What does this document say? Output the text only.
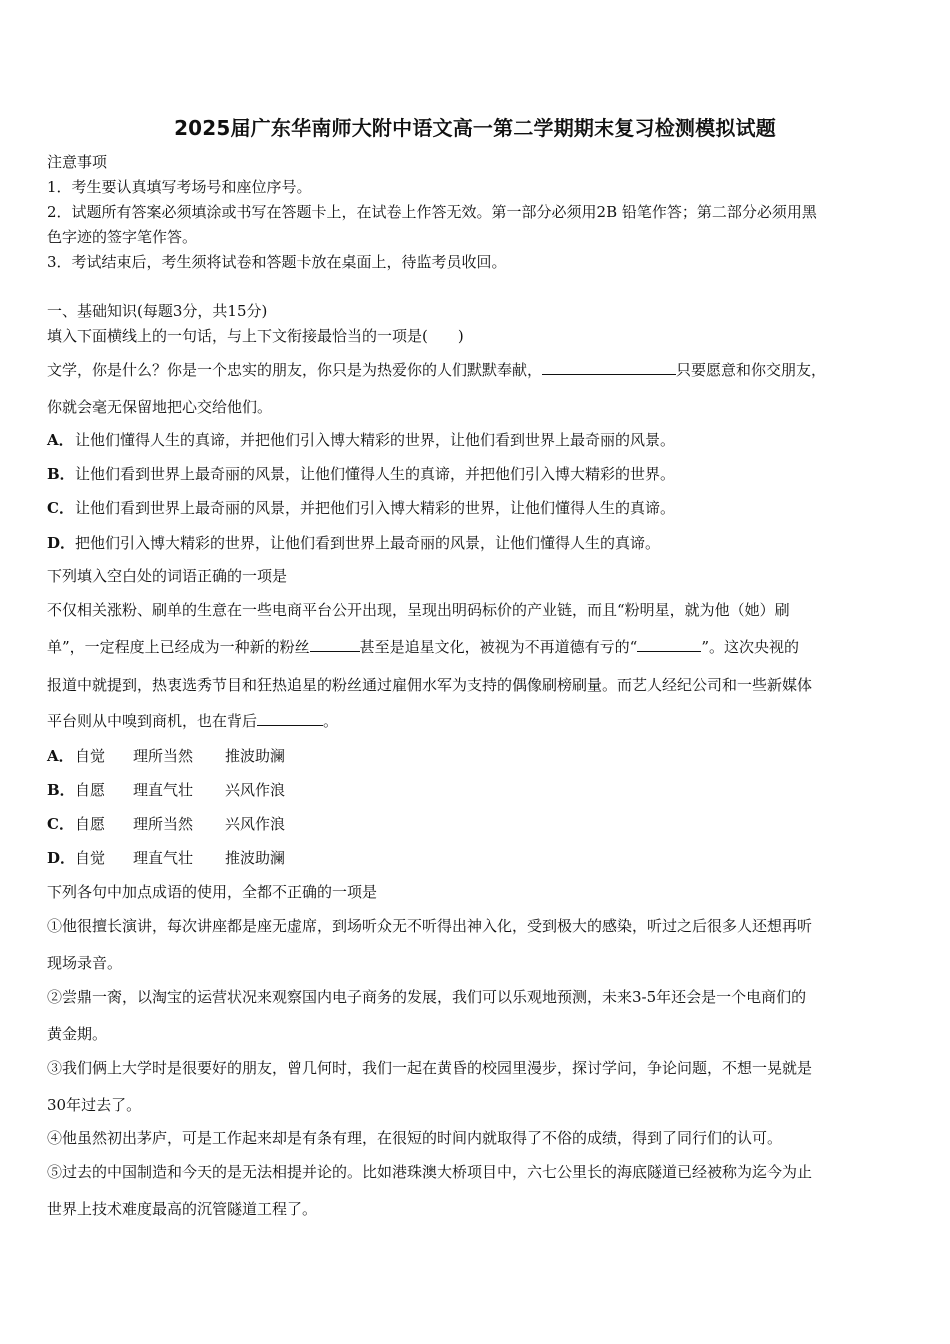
2025届广东华南师大附中语文高一第二学期期末复习检测模拟试题
注意事项
1．考生要认真填写考场号和座位序号。
2．试题所有答案必须填涂或书写在答题卡上，在试卷上作答无效。第一部分必须用2B 铅笔作答；第二部分必须用黑
色字迹的签字笔作答。
3．考试结束后，考生须将试卷和答题卡放在桌面上，待监考员收回。
一、基础知识(每题3分，共15分)
填入下面横线上的一句话，与上下文衔接最恰当的一项是(　　)
文学，你是什么？你是一个忠实的朋友，你只是为热爱你的人们默默奉献，	只要愿意和你交朋友，
你就会毫无保留地把心交给他们。
A．让他们懂得人生的真谛，并把他们引入博大精彩的世界，让他们看到世界上最奇丽的风景。
B．让他们看到世界上最奇丽的风景，让他们懂得人生的真谛，并把他们引入博大精彩的世界。
C．让他们看到世界上最奇丽的风景，并把他们引入博大精彩的世界，让他们懂得人生的真谛。
D．把他们引入博大精彩的世界，让他们看到世界上最奇丽的风景，让他们懂得人生的真谛。
下列填入空白处的词语正确的一项是
不仅相关涨粉、刷单的生意在一些电商平台公开出现，呈现出明码标价的产业链，而且“粉明星，就为他（她）刷
单”，一定程度上已经成为一种新的粉丝	甚至是追星文化，被视为不再道德有亏的“	”。这次央视的
报道中就提到，热衷选秀节目和狂热追星的粉丝通过雇佣水军为支持的偶像刷榜刷量。而艺人经纪公司和一些新媒体
平台则从中嗅到商机，也在背后	。
A．自觉 理所当然 推波助澜
B．自愿 理直气壮 兴风作浪
C．自愿 理所当然 兴风作浪
D．自觉 理直气壮 推波助澜
下列各句中加点成语的使用，全都不正确的一项是
①他很擅长演讲，每次讲座都是座无虚席，到场听众无不听得出神入化，受到极大的感染，听过之后很多人还想再听
现场录音。
②尝鼎一脔，以淘宝的运营状况来观察国内电子商务的发展，我们可以乐观地预测，未来3-5年还会是一个电商们的
黄金期。
③我们俩上大学时是很要好的朋友，曾几何时，我们一起在黄昏的校园里漫步，探讨学问，争论问题，不想一晃就是
30年过去了。
④他虽然初出茅庐，可是工作起来却是有条有理，在很短的时间内就取得了不俗的成绩，得到了同行们的认可。
⑤过去的中国制造和今天的是无法相提并论的。比如港珠澳大桥项目中，六七公里长的海底隧道已经被称为迄今为止
世界上技术难度最高的沉管隧道工程了。
